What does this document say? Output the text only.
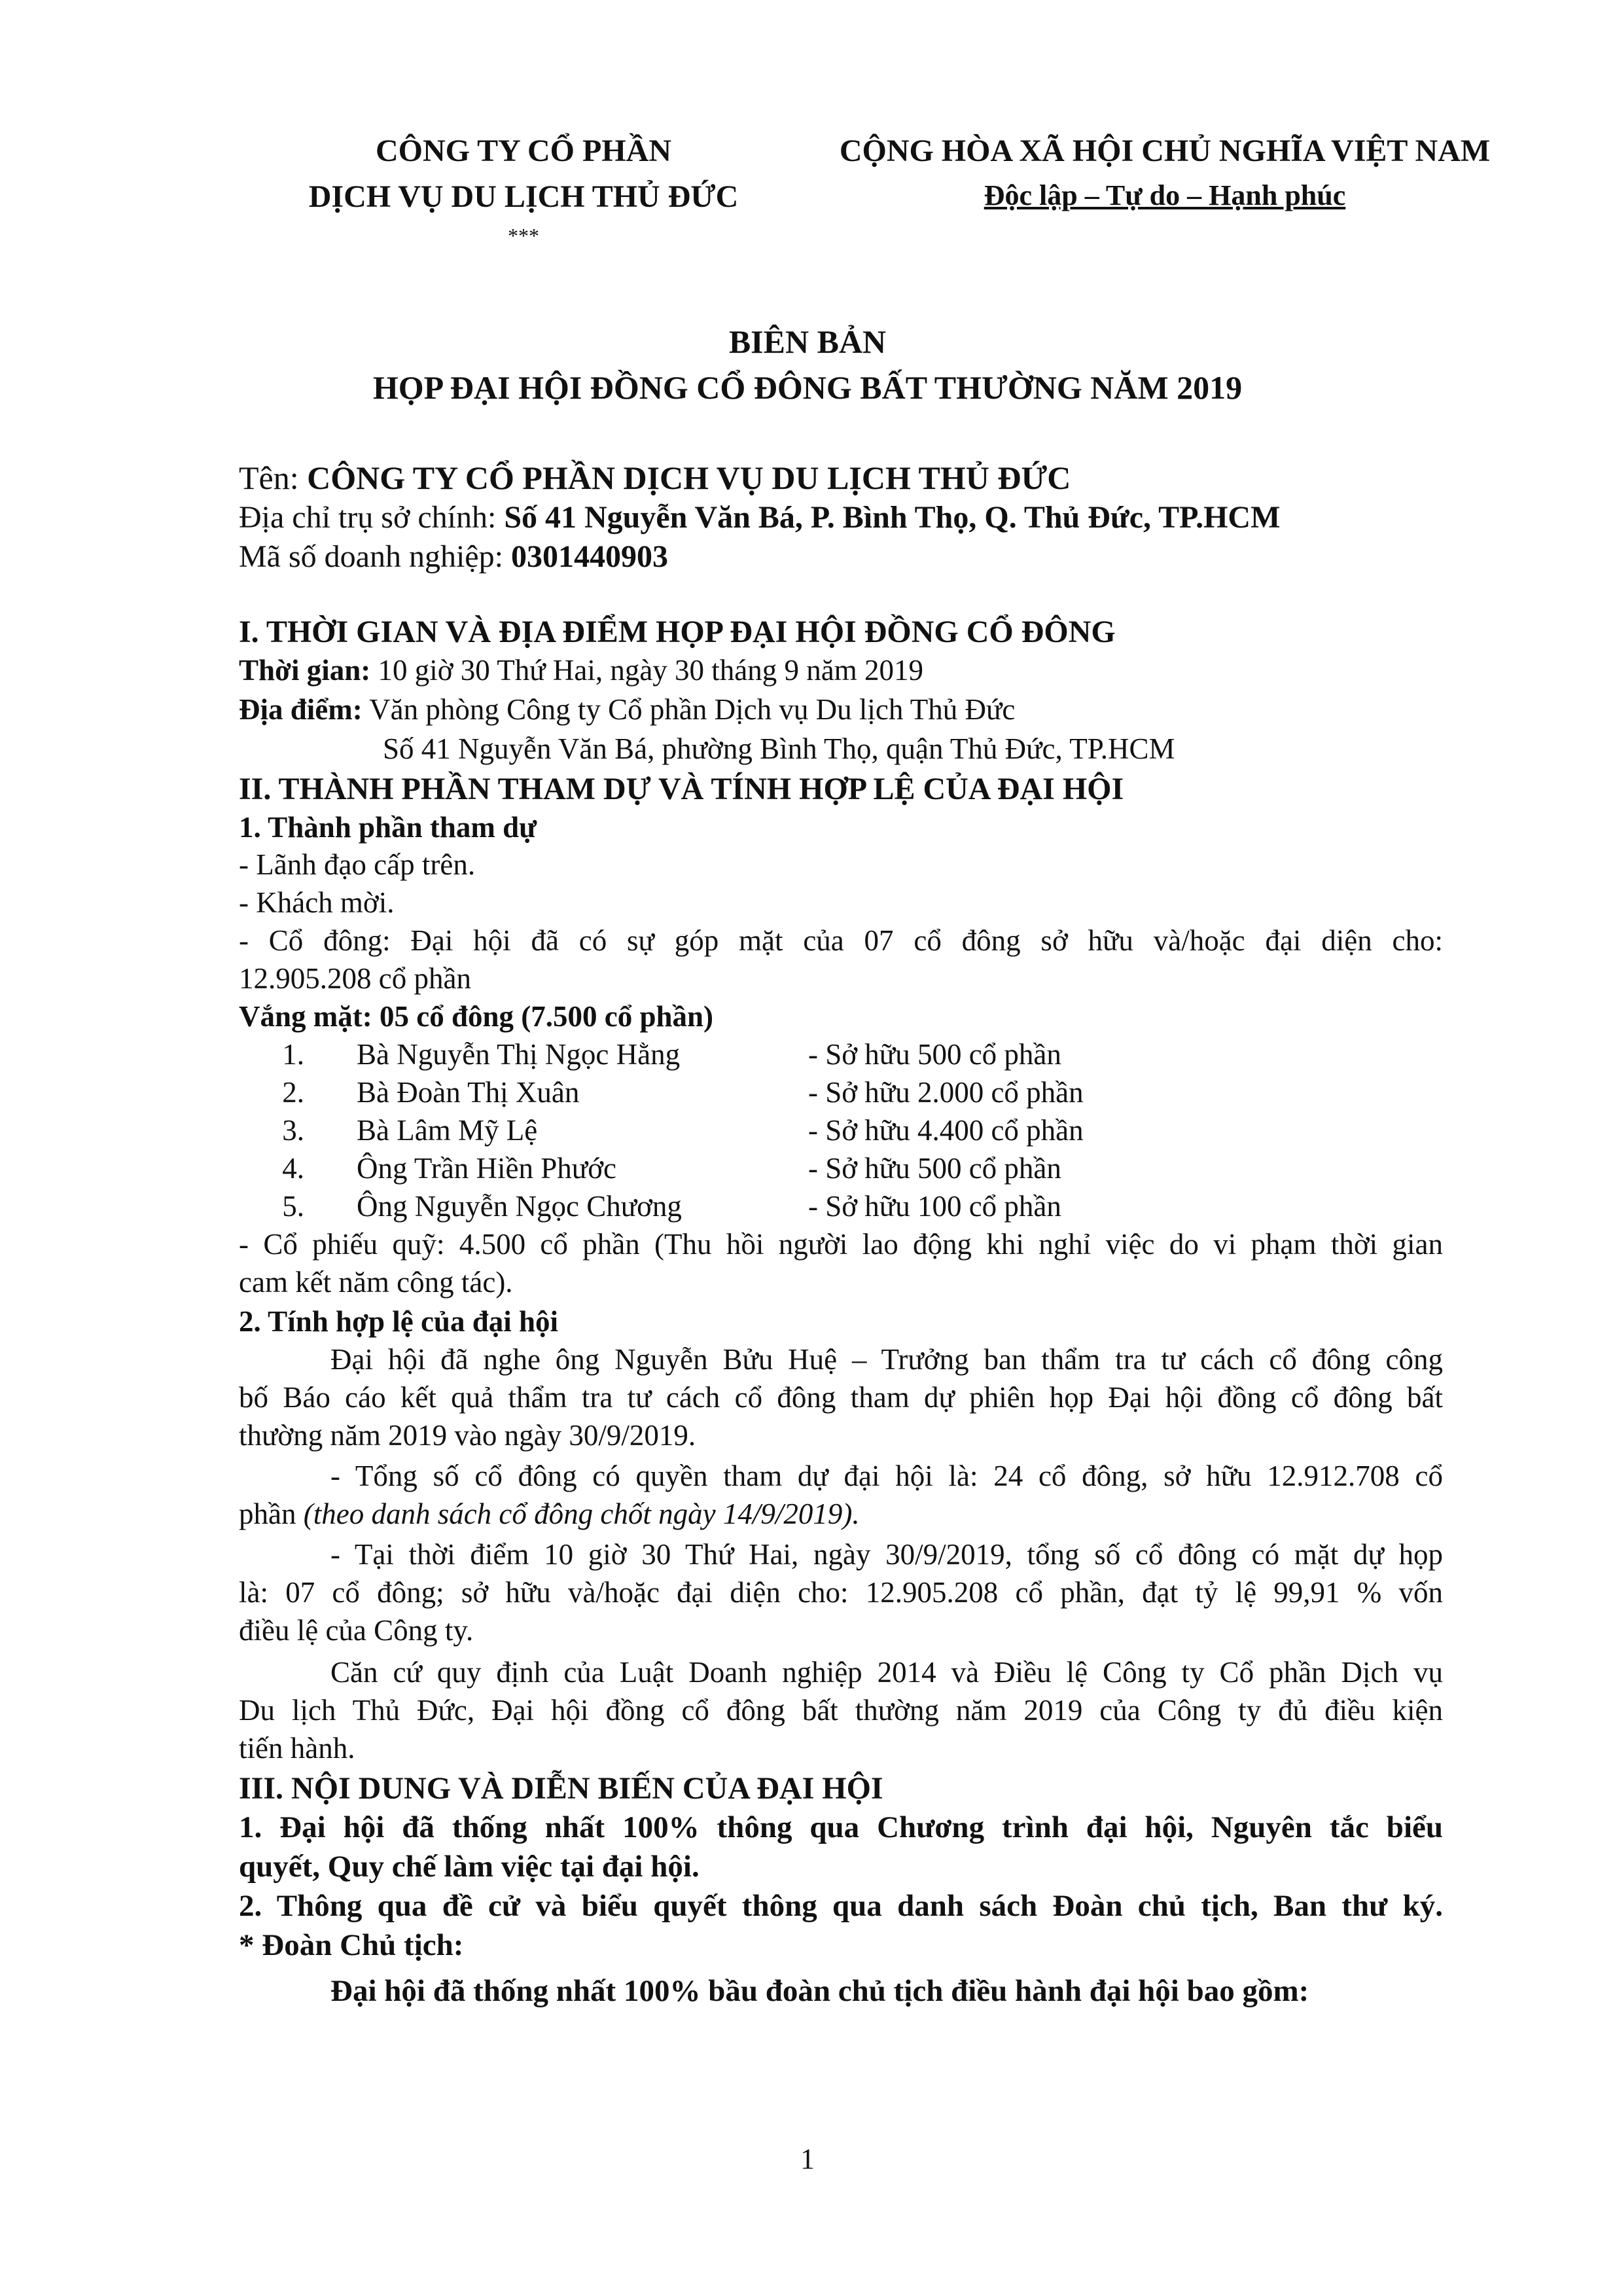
CÔNG TY CỔ PHẦN
DỊCH VỤ DU LỊCH THỦ ĐỨC
***
CỘNG HÒA XÃ HỘI CHỦ NGHĨA VIỆT NAM
Độc lập – Tự do – Hạnh phúc
BIÊN BẢN
HỌP ĐẠI HỘI ĐỒNG CỔ ĐÔNG BẤT THƯỜNG NĂM 2019
Tên: CÔNG TY CỔ PHẦN DỊCH VỤ DU LỊCH THỦ ĐỨC
Địa chỉ trụ sở chính: Số 41 Nguyễn Văn Bá, P. Bình Thọ, Q. Thủ Đức, TP.HCM
Mã số doanh nghiệp: 0301440903
I. THỜI GIAN VÀ ĐỊA ĐIỂM HỌP ĐẠI HỘI ĐỒNG CỔ ĐÔNG
Thời gian: 10 giờ 30 Thứ Hai, ngày 30 tháng 9 năm 2019
Địa điểm: Văn phòng Công ty Cổ phần Dịch vụ Du lịch Thủ Đức
Số 41 Nguyễn Văn Bá, phường Bình Thọ, quận Thủ Đức, TP.HCM
II. THÀNH PHẦN THAM DỰ VÀ TÍNH HỢP LỆ CỦA ĐẠI HỘI
1. Thành phần tham dự
- Lãnh đạo cấp trên.
- Khách mời.
- Cổ đông: Đại hội đã có sự góp mặt của 07 cổ đông sở hữu và/hoặc đại diện cho:
12.905.208 cổ phần
Vắng mặt: 05 cổ đông (7.500 cổ phần)
1. Bà Nguyễn Thị Ngọc Hằng	- Sở hữu 500 cổ phần
2. Bà Đoàn Thị Xuân	- Sở hữu 2.000 cổ phần
3. Bà Lâm Mỹ Lệ	- Sở hữu 4.400 cổ phần
4. Ông Trần Hiền Phước	- Sở hữu 500 cổ phần
5. Ông Nguyễn Ngọc Chương	- Sở hữu 100 cổ phần
- Cổ phiếu quỹ: 4.500 cổ phần (Thu hồi người lao động khi nghỉ việc do vi phạm thời gian
cam kết năm công tác).
2. Tính hợp lệ của đại hội
Đại hội đã nghe ông Nguyễn Bửu Huệ – Trưởng ban thẩm tra tư cách cổ đông công
bố Báo cáo kết quả thẩm tra tư cách cổ đông tham dự phiên họp Đại hội đồng cổ đông bất
thường năm 2019 vào ngày 30/9/2019.
- Tổng số cổ đông có quyền tham dự đại hội là: 24 cổ đông, sở hữu 12.912.708 cổ
phần (theo danh sách cổ đông chốt ngày 14/9/2019).
- Tại thời điểm 10 giờ 30 Thứ Hai, ngày 30/9/2019, tổng số cổ đông có mặt dự họp
là: 07 cổ đông; sở hữu và/hoặc đại diện cho: 12.905.208 cổ phần, đạt tỷ lệ 99,91 % vốn
điều lệ của Công ty.
Căn cứ quy định của Luật Doanh nghiệp 2014 và Điều lệ Công ty Cổ phần Dịch vụ
Du lịch Thủ Đức, Đại hội đồng cổ đông bất thường năm 2019 của Công ty đủ điều kiện
tiến hành.
III. NỘI DUNG VÀ DIỄN BIẾN CỦA ĐẠI HỘI
1. Đại hội đã thống nhất 100% thông qua Chương trình đại hội, Nguyên tắc biểu
quyết, Quy chế làm việc tại đại hội.
2. Thông qua đề cử và biểu quyết thông qua danh sách Đoàn chủ tịch, Ban thư ký.
* Đoàn Chủ tịch:
Đại hội đã thống nhất 100% bầu đoàn chủ tịch điều hành đại hội bao gồm:
1
